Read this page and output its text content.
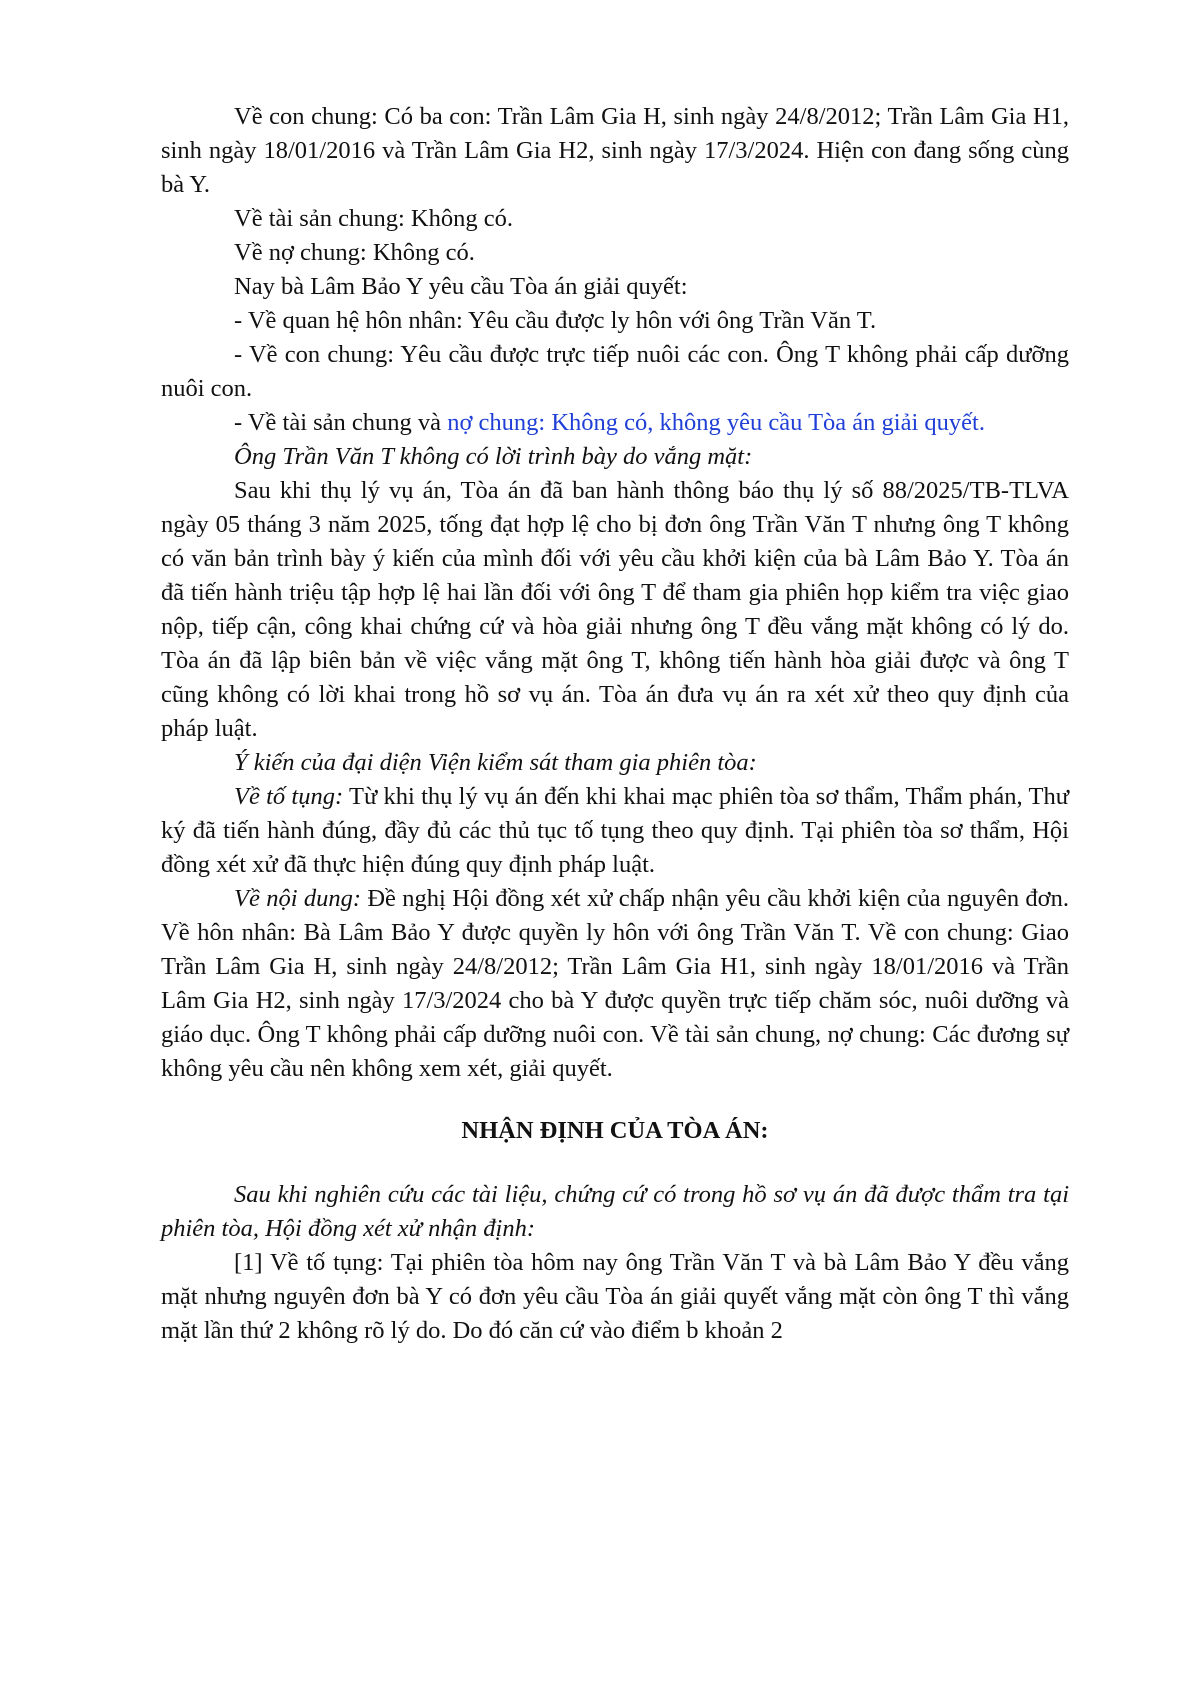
Về con chung: Có ba con: Trần Lâm Gia H, sinh ngày 24/8/2012; Trần Lâm Gia H1, sinh ngày 18/01/2016 và Trần Lâm Gia H2, sinh ngày 17/3/2024. Hiện con đang sống cùng bà Y.

Về tài sản chung: Không có.

Về nợ chung: Không có.

Nay bà Lâm Bảo Y yêu cầu Tòa án giải quyết:

- Về quan hệ hôn nhân: Yêu cầu được ly hôn với ông Trần Văn T.

- Về con chung: Yêu cầu được trực tiếp nuôi các con. Ông T không phải cấp dưỡng nuôi con.

- Về tài sản chung và nợ chung: Không có, không yêu cầu Tòa án giải quyết.

Ông Trần Văn T không có lời trình bày do vắng mặt:

Sau khi thụ lý vụ án, Tòa án đã ban hành thông báo thụ lý số 88/2025/TB-TLVA ngày 05 tháng 3 năm 2025, tống đạt hợp lệ cho bị đơn ông Trần Văn T nhưng ông T không có văn bản trình bày ý kiến của mình đối với yêu cầu khởi kiện của bà Lâm Bảo Y. Tòa án đã tiến hành triệu tập hợp lệ hai lần đối với ông T để tham gia phiên họp kiểm tra việc giao nộp, tiếp cận, công khai chứng cứ và hòa giải nhưng ông T đều vắng mặt không có lý do. Tòa án đã lập biên bản về việc vắng mặt ông T, không tiến hành hòa giải được và ông T cũng không có lời khai trong hồ sơ vụ án. Tòa án đưa vụ án ra xét xử theo quy định của pháp luật.

Ý kiến của đại diện Viện kiểm sát tham gia phiên tòa:

Về tố tụng: Từ khi thụ lý vụ án đến khi khai mạc phiên tòa sơ thẩm, Thẩm phán, Thư ký đã tiến hành đúng, đầy đủ các thủ tục tố tụng theo quy định. Tại phiên tòa sơ thẩm, Hội đồng xét xử đã thực hiện đúng quy định pháp luật.

Về nội dung: Đề nghị Hội đồng xét xử chấp nhận yêu cầu khởi kiện của nguyên đơn. Về hôn nhân: Bà Lâm Bảo Y được quyền ly hôn với ông Trần Văn T. Về con chung: Giao Trần Lâm Gia H, sinh ngày 24/8/2012; Trần Lâm Gia H1, sinh ngày 18/01/2016 và Trần Lâm Gia H2, sinh ngày 17/3/2024 cho bà Y được quyền trực tiếp chăm sóc, nuôi dưỡng và giáo dục. Ông T không phải cấp dưỡng nuôi con. Về tài sản chung, nợ chung: Các đương sự không yêu cầu nên không xem xét, giải quyết.

NHẬN ĐỊNH CỦA TÒA ÁN:

Sau khi nghiên cứu các tài liệu, chứng cứ có trong hồ sơ vụ án đã được thẩm tra tại phiên tòa, Hội đồng xét xử nhận định:

[1] Về tố tụng: Tại phiên tòa hôm nay ông Trần Văn T và bà Lâm Bảo Y đều vắng mặt nhưng nguyên đơn bà Y có đơn yêu cầu Tòa án giải quyết vắng mặt còn ông T thì vắng mặt lần thứ 2 không rõ lý do. Do đó căn cứ vào điểm b khoản 2
